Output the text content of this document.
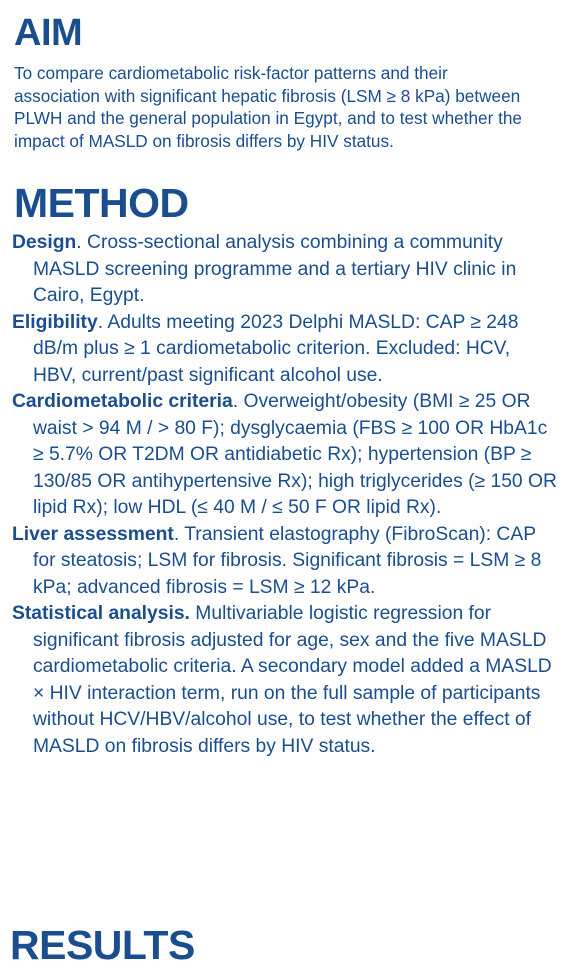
AIM

To compare cardiometabolic risk-factor patterns and their association with significant hepatic fibrosis (LSM ≥ 8 kPa) between PLWH and the general population in Egypt, and to test whether the impact of MASLD on fibrosis differs by HIV status.

METHOD

Design. Cross-sectional analysis combining a community MASLD screening programme and a tertiary HIV clinic in Cairo, Egypt.

Eligibility. Adults meeting 2023 Delphi MASLD: CAP ≥ 248 dB/m plus ≥ 1 cardiometabolic criterion. Excluded: HCV, HBV, current/past significant alcohol use.

Cardiometabolic criteria. Overweight/obesity (BMI ≥ 25 OR waist > 94 M / > 80 F); dysglycaemia (FBS ≥ 100 OR HbA1c ≥ 5.7% OR T2DM OR antidiabetic Rx); hypertension (BP ≥ 130/85 OR antihypertensive Rx); high triglycerides (≥ 150 OR lipid Rx); low HDL (≤ 40 M / ≤ 50 F OR lipid Rx).

Liver assessment. Transient elastography (FibroScan): CAP for steatosis; LSM for fibrosis. Significant fibrosis = LSM ≥ 8 kPa; advanced fibrosis = LSM ≥ 12 kPa.

Statistical analysis. Multivariable logistic regression for significant fibrosis adjusted for age, sex and the five MASLD cardiometabolic criteria. A secondary model added a MASLD × HIV interaction term, run on the full sample of participants without HCV/HBV/alcohol use, to test whether the effect of MASLD on fibrosis differs by HIV status.

RESULTS
